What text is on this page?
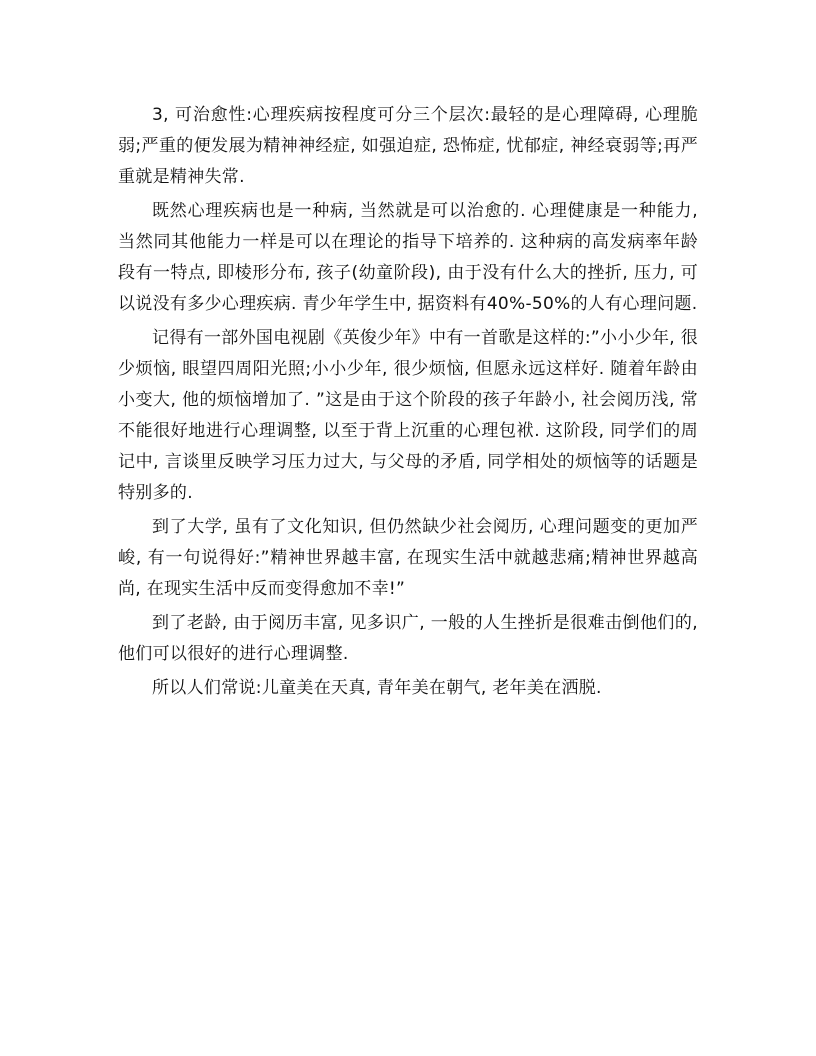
3, 可治愈性:心理疾病按程度可分三个层次:最轻的是心理障碍, 心理脆弱;严重的便发展为精神神经症, 如强迫症, 恐怖症, 忧郁症, 神经衰弱等;再严重就是精神失常.

既然心理疾病也是一种病, 当然就是可以治愈的. 心理健康是一种能力, 当然同其他能力一样是可以在理论的指导下培养的. 这种病的高发病率年龄段有一特点, 即棱形分布, 孩子(幼童阶段), 由于没有什么大的挫折, 压力, 可以说没有多少心理疾病. 青少年学生中, 据资料有40%-50%的人有心理问题.

记得有一部外国电视剧《英俊少年》中有一首歌是这样的:”小小少年, 很少烦恼, 眼望四周阳光照;小小少年, 很少烦恼, 但愿永远这样好. 随着年龄由小变大, 他的烦恼增加了. ”这是由于这个阶段的孩子年龄小, 社会阅历浅, 常不能很好地进行心理调整, 以至于背上沉重的心理包袱. 这阶段, 同学们的周记中, 言谈里反映学习压力过大, 与父母的矛盾, 同学相处的烦恼等的话题是特别多的.

到了大学, 虽有了文化知识, 但仍然缺少社会阅历, 心理问题变的更加严峻, 有一句说得好:”精神世界越丰富, 在现实生活中就越悲痛;精神世界越高尚, 在现实生活中反而变得愈加不幸!”

到了老龄, 由于阅历丰富, 见多识广, 一般的人生挫折是很难击倒他们的, 他们可以很好的进行心理调整.

所以人们常说:儿童美在天真, 青年美在朝气, 老年美在洒脱.
